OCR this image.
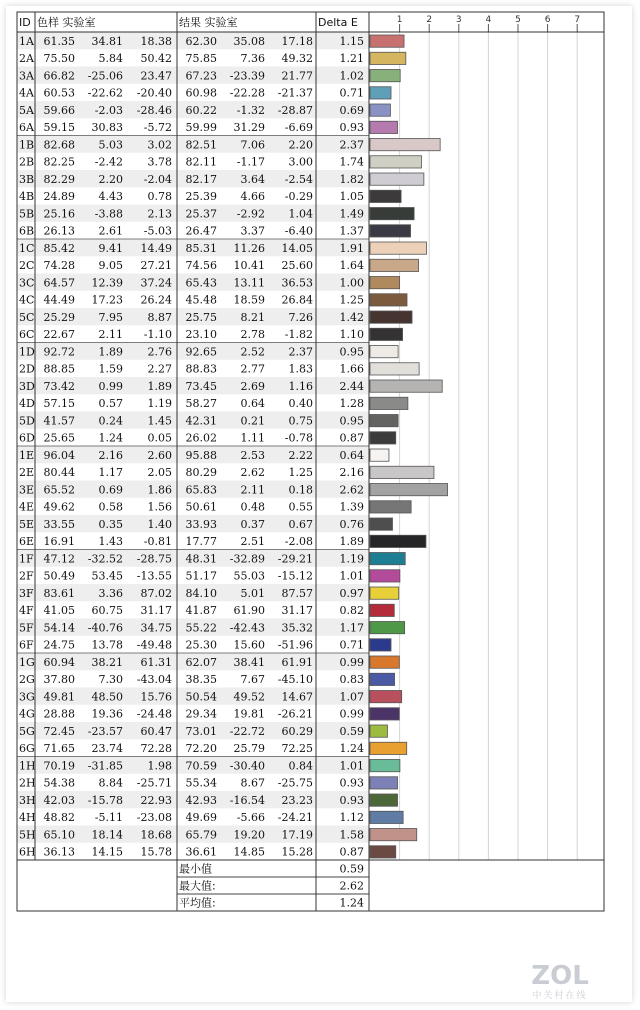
ID 色样 实验室	结果 实验室	Delta E	1	2	3	4	5	6	7
1A 61.35 34.81 18.38 62.30 35.08 17.18 1.15
2A 75.50 5.84 50.42 75.85 7.36 49.32 1.21
3A 66.82 -25.06 23.47 67.23 -23.39 21.77 1.02
4A 60.53 -22.62 -20.40 60.98 -22.28 -21.37 0.71
5A 59.66 -2.03 -28.46 60.22 -1.32 -28.87 0.69
6A 59.15 30.83 -5.72 59.99 31.29 -6.69 0.93
1B 82.68 5.03 3.02 82.51 7.06 2.20 2.37
2B 82.25 -2.42 3.78 82.11 -1.17 3.00 1.74
3B 82.29 2.20 -2.04 82.17 3.64 -2.54 1.82
4B 24.89 4.43 0.78 25.39 4.66 -0.29 1.05
5B 25.16 -3.88 2.13 25.37 -2.92 1.04 1.49
6B 26.13 2.61 -5.03 26.47 3.37 -6.40 1.37
1C 85.42 9.41 14.49 85.31 11.26 14.05 1.91
2C 74.28 9.05 27.21 74.56 10.41 25.60 1.64
3C 64.57 12.39 37.24 65.43 13.11 36.53 1.00
4C 44.49 17.23 26.24 45.48 18.59 26.84 1.25
5C 25.29 7.95 8.87 25.75 8.21 7.26 1.42
6C 22.67 2.11 -1.10 23.10 2.78 -1.82 1.10
1D 92.72 1.89 2.76 92.65 2.52 2.37 0.95
2D 88.85 1.59 2.27 88.83 2.77 1.83 1.66
3D 73.42 0.99 1.89 73.45 2.69 1.16 2.44
4D 57.15 0.57 1.19 58.27 0.64 0.40 1.28
5D 41.57 0.24 1.45 42.31 0.21 0.75 0.95
6D 25.65 1.24 0.05 26.02 1.11 -0.78 0.87
1E 96.04 2.16 2.60 95.88 2.53 2.22 0.64
2E 80.44 1.17 2.05 80.29 2.62 1.25 2.16
3E 65.52 0.69 1.86 65.83 2.11 0.18 2.62
4E 49.62 0.58 1.56 50.61 0.48 0.55 1.39
5E 33.55 0.35 1.40 33.93 0.37 0.67 0.76
6E 16.91 1.43 -0.81 17.77 2.51 -2.08 1.89
1F 47.12 -32.52 -28.75 48.31 -32.89 -29.21 1.19
2F 50.49 53.45 -13.55 51.17 55.03 -15.12 1.01
3F 83.61 3.36 87.02 84.10 5.01 87.57 0.97
4F 41.05 60.75 31.17 41.87 61.90 31.17 0.82
5F 54.14 -40.76 34.75 55.22 -42.43 35.32 1.17
6F 24.75 13.78 -49.48 25.30 15.60 -51.96 0.71
1G 60.94 38.21 61.31 62.07 38.41 61.91 0.99
2G 37.80 7.30 -43.04 38.35 7.67 -45.10 0.83
3G 49.81 48.50 15.76 50.54 49.52 14.67 1.07
4G 28.88 19.36 -24.48 29.34 19.81 -26.21 0.99
5G 72.45 -23.57 60.47 73.01 -22.72 60.29 0.59
6G 71.65 23.74 72.28 72.20 25.79 72.25 1.24
1H 70.19 -31.85 1.98 70.59 -30.40 0.84 1.01
2H 54.38 8.84 -25.71 55.34 8.67 -25.75 0.93
3H 42.03 -15.78 22.93 42.93 -16.54 23.23 0.93
4H 48.82 -5.11 -23.08 49.69 -5.66 -24.21 1.12
5H 65.10 18.14 18.68 65.79 19.20 17.19 1.58
6H 36.13 14.15 15.78 36.61 14.85 15.28 0.87
最小值	0.59
最大值:	2.62
平均值:	1.24
ZOL
中关村在线
